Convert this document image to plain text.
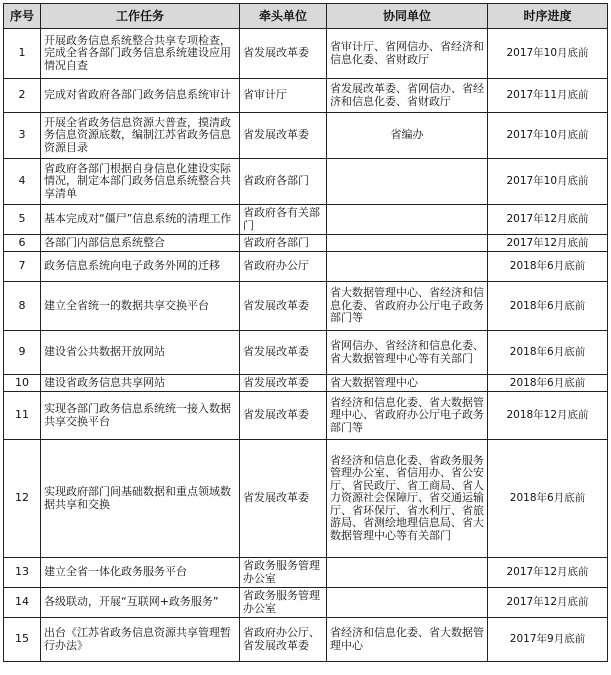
序号	工作任务	牵头单位	协同单位	时序进度
1	开展政务信息系统整合共享专项检查，完成全省各部门政务信息系统建设应用情况自查	省发展改革委	省审计厅、省网信办、省经济和信息化委、省财政厅	2017年10月底前
2	完成对省政府各部门政务信息系统审计	省审计厅	省发展改革委、省网信办、省经济和信息化委、省财政厅	2017年11月底前
3	开展全省政务信息资源大普查，摸清政务信息资源底数，编制江苏省政务信息资源目录	省发展改革委	省编办	2017年10月底前
4	省政府各部门根据自身信息化建设实际情况，制定本部门政务信息系统整合共享清单	省政府各部门		2017年10月底前
5	基本完成对“僵尸”信息系统的清理工作	省政府各有关部门		2017年12月底前
6	各部门内部信息系统整合	省政府各部门		2017年12月底前
7	政务信息系统向电子政务外网的迁移	省政府办公厅		2018年6月底前
8	建立全省统一的数据共享交换平台	省发展改革委	省大数据管理中心、省经济和信息化委、省政府办公厅电子政务部门等	2018年6月底前
9	建设省公共数据开放网站	省发展改革委	省网信办、省经济和信息化委、省大数据管理中心等有关部门	2018年6月底前
10	建设省政务信息共享网站	省发展改革委	省大数据管理中心	2018年6月底前
11	实现各部门政务信息系统统一接入数据共享交换平台	省发展改革委	省经济和信息化委、省大数据管理中心、省政府办公厅电子政务部门等	2018年12月底前
12	实现政府部门间基础数据和重点领域数据共享和交换	省发展改革委	省经济和信息化委、省政务服务管理办公室、省信用办、省公安厅、省民政厅、省工商局、省人力资源社会保障厅、省交通运输厅、省环保厅、省水利厅、省旅游局、省测绘地理信息局、省大数据管理中心等有关部门	2018年6月底前
13	建立全省一体化政务服务平台	省政务服务管理办公室		2017年12月底前
14	各级联动，开展“互联网+政务服务”	省政务服务管理办公室		2017年12月底前
15	出台《江苏省政务信息资源共享管理暂行办法》	省政府办公厅、省发展改革委	省经济和信息化委、省大数据管理中心	2017年9月底前
